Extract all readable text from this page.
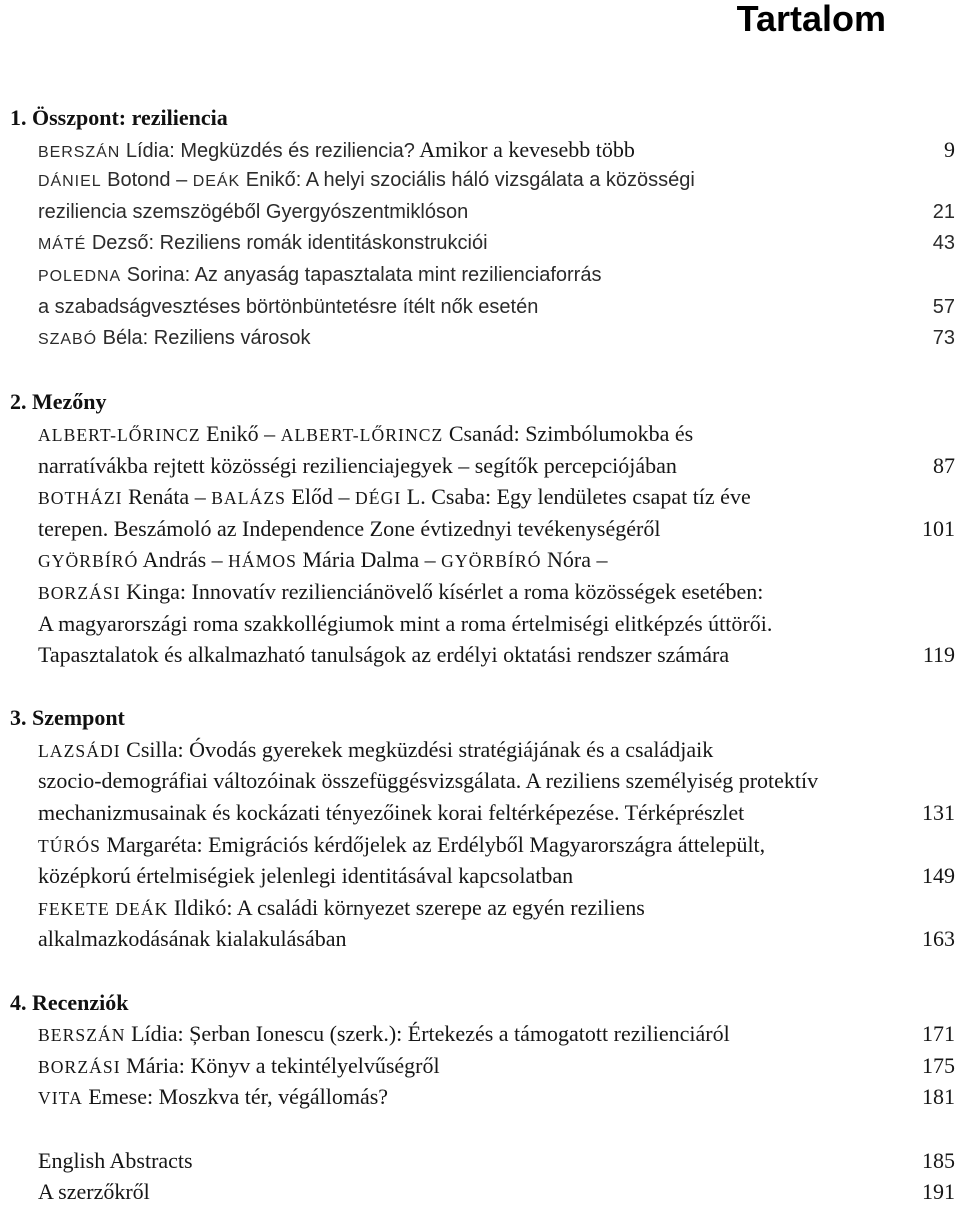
Tartalom
1. Összpont: reziliencia
BERSZÁN Lídia: Megküzdés és reziliencia? Amikor a kevesebb több	9
DÁNIEL Botond – DEÁK Enikő: A helyi szociális háló vizsgálata a közösségi
reziliencia szemszögéből Gyergyószentmiklóson	21
MÁTÉ Dezső: Reziliens romák identitáskonstrukciói	43
POLEDNA Sorina: Az anyaság tapasztalata mint rezilienciaforrás
a szabadságvesztéses börtönbüntetésre ítélt nők esetén	57
SZABÓ Béla: Reziliens városok	73
2. Mezőny
ALBERT-LŐRINCZ Enikő – ALBERT-LŐRINCZ Csanád: Szimbólumokba és
narratívákba rejtett közösségi rezilienciajegyek – segítők percepciójában	87
BOTHÁZI Renáta – BALÁZS Előd – DÉGI L. Csaba: Egy lendületes csapat tíz éve
terepen. Beszámoló az Independence Zone évtizednyi tevékenységéről	101
GYÖRBÍRÓ András – HÁMOS Mária Dalma – GYÖRBÍRÓ Nóra –
BORZÁSI Kinga: Innovatív rezilienciánövelő kísérlet a roma közösségek esetében:
A magyarországi roma szakkollégiumok mint a roma értelmiségi elitképzés úttörői.
Tapasztalatok és alkalmazható tanulságok az erdélyi oktatási rendszer számára	119
3. Szempont
LAZSÁDI Csilla: Óvodás gyerekek megküzdési stratégiájának és a családjaik
szocio-demográfiai változóinak összefüggésvizsgálata. A reziliens személyiség protektív
mechanizmusainak és kockázati tényezőinek korai feltérképezése. Térképrészlet	131
TÚRÓS Margaréta: Emigrációs kérdőjelek az Erdélyből Magyarországra áttelepült,
középkorú értelmiségiek jelenlegi identitásával kapcsolatban	149
FEKETE DEÁK Ildikó: A családi környezet szerepe az egyén reziliens
alkalmazkodásának kialakulásában	163
4. Recenziók
BERSZÁN Lídia: Șerban Ionescu (szerk.): Értekezés a támogatott rezilienciáról	171
BORZÁSI Mária: Könyv a tekintélyelvűségről	175
VITA Emese: Moszkva tér, végállomás?	181
English Abstracts	185
A szerzőkről	191
